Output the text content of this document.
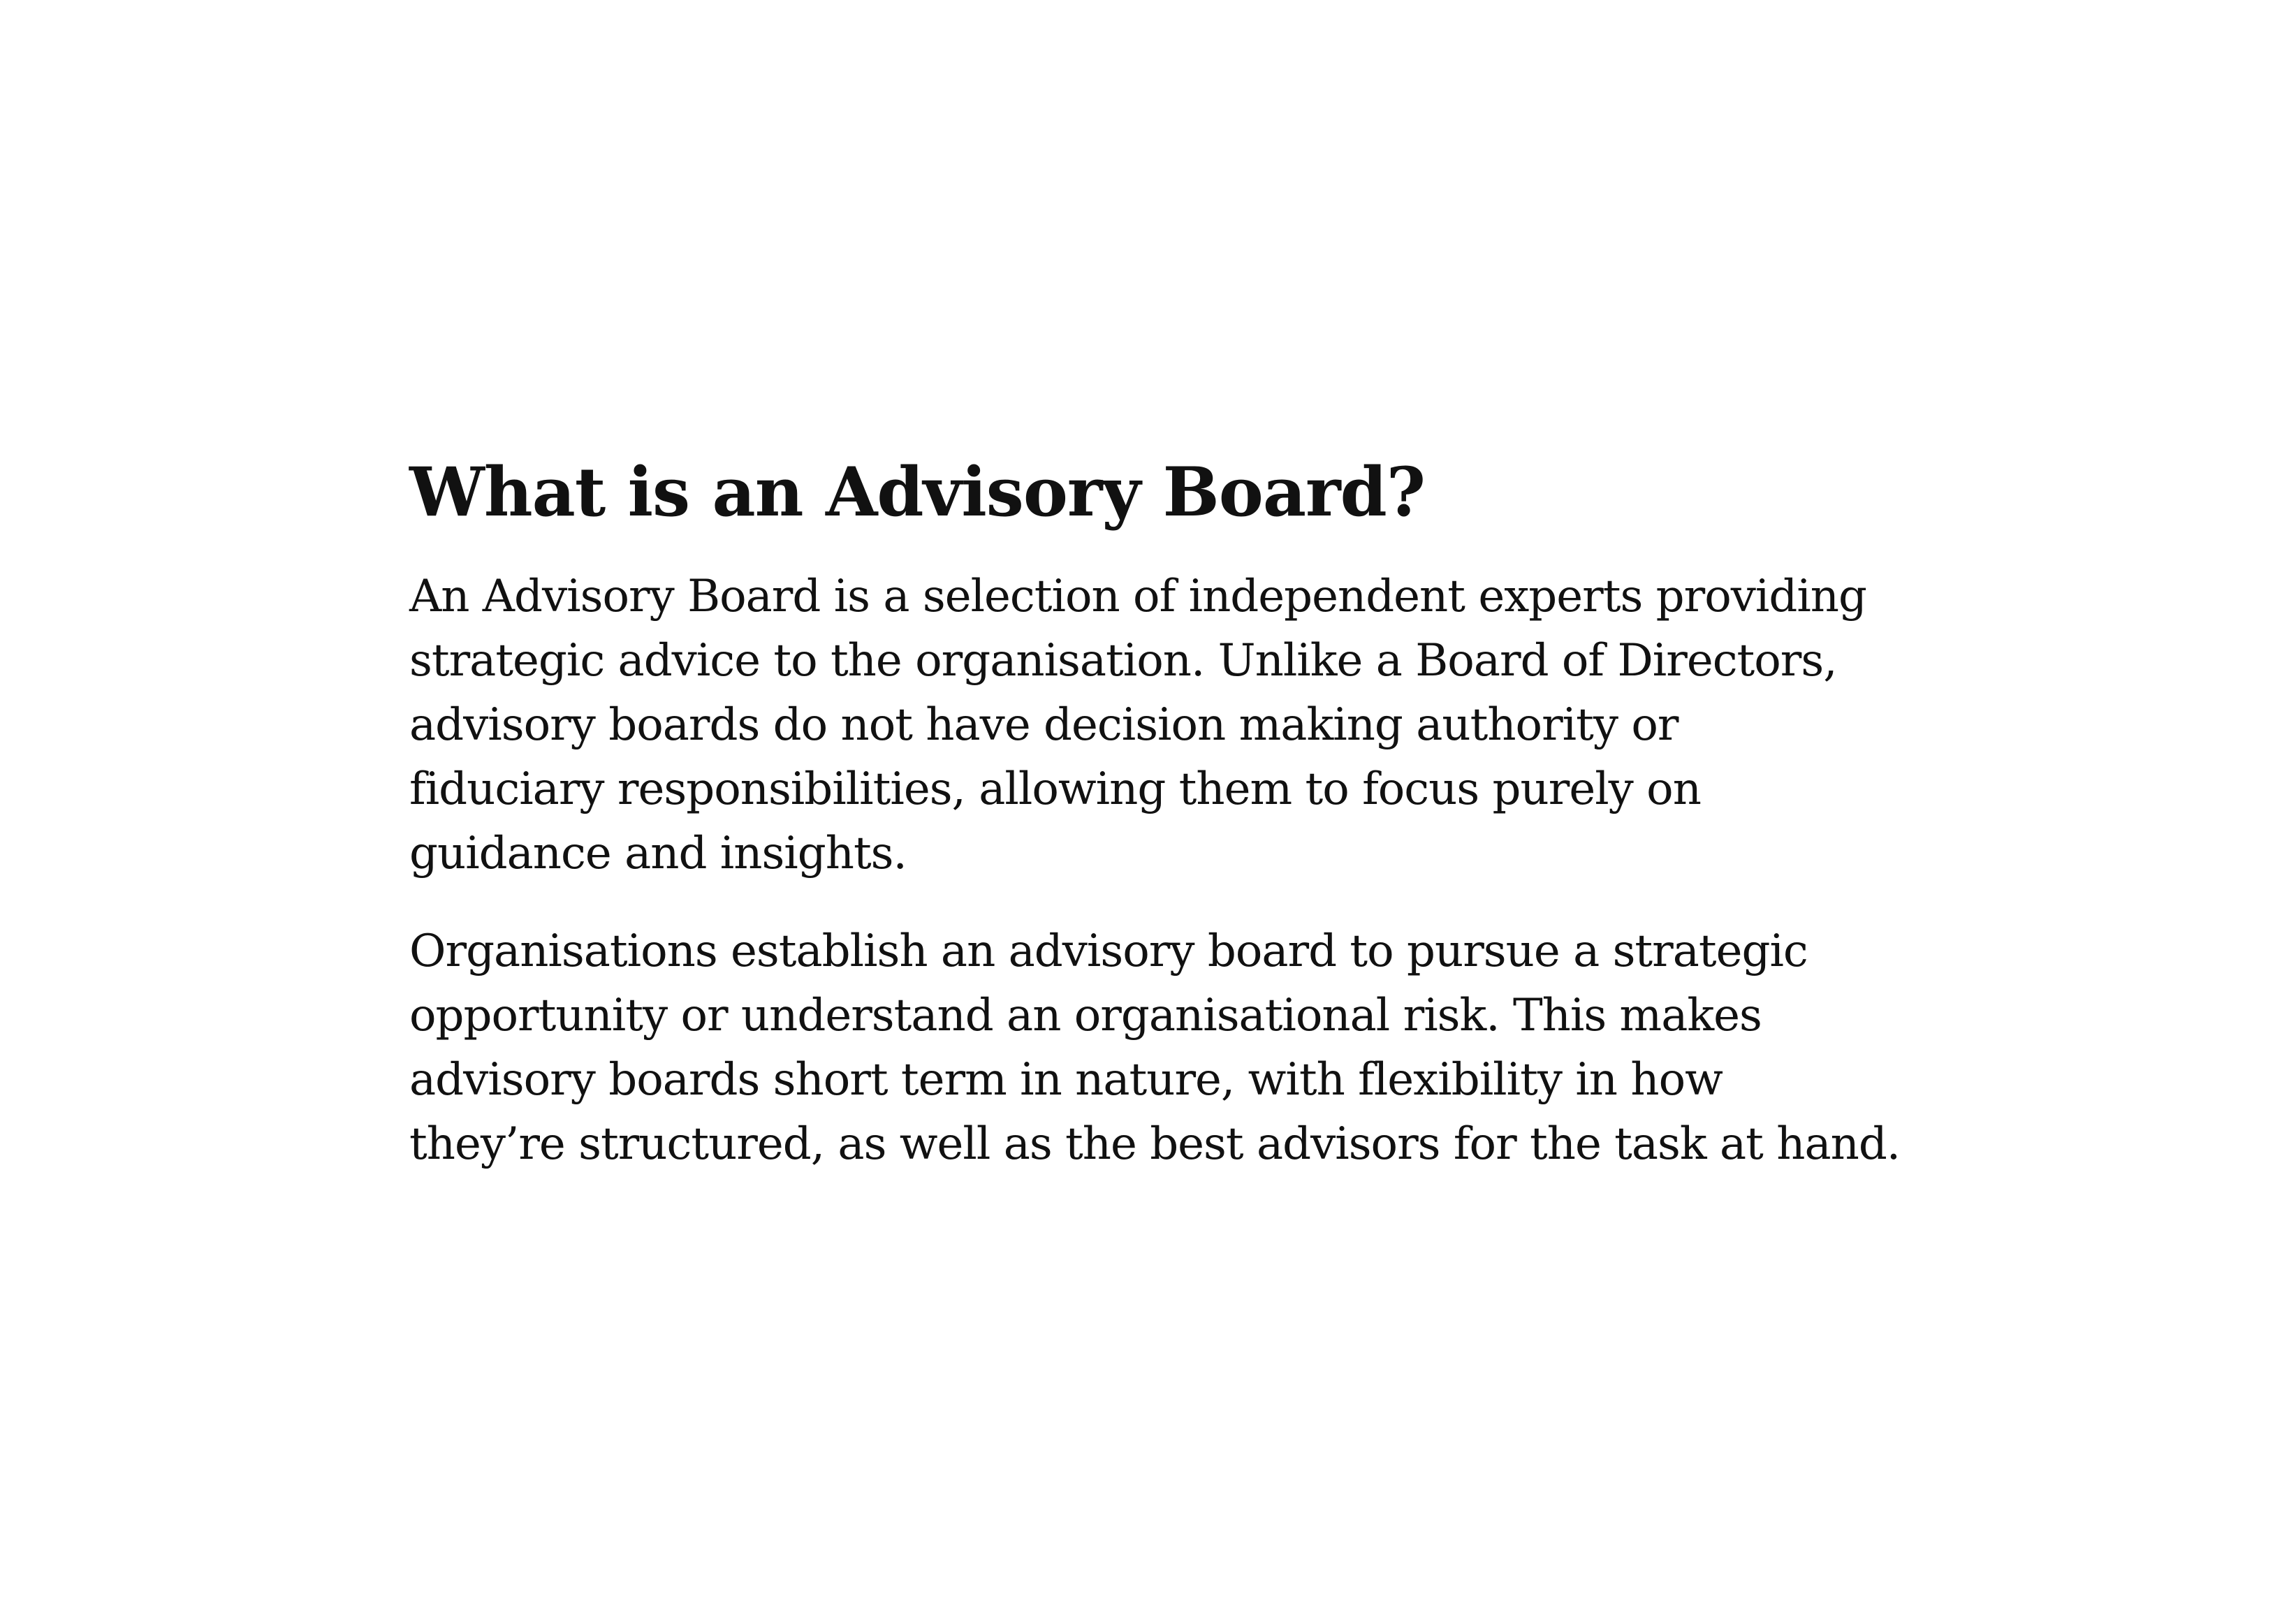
What is an Advisory Board?

An Advisory Board is a selection of independent experts providing
strategic advice to the organisation. Unlike a Board of Directors,
advisory boards do not have decision making authority or
fiduciary responsibilities, allowing them to focus purely on
guidance and insights.

Organisations establish an advisory board to pursue a strategic
opportunity or understand an organisational risk. This makes
advisory boards short term in nature, with flexibility in how
they’re structured, as well as the best advisors for the task at hand.
